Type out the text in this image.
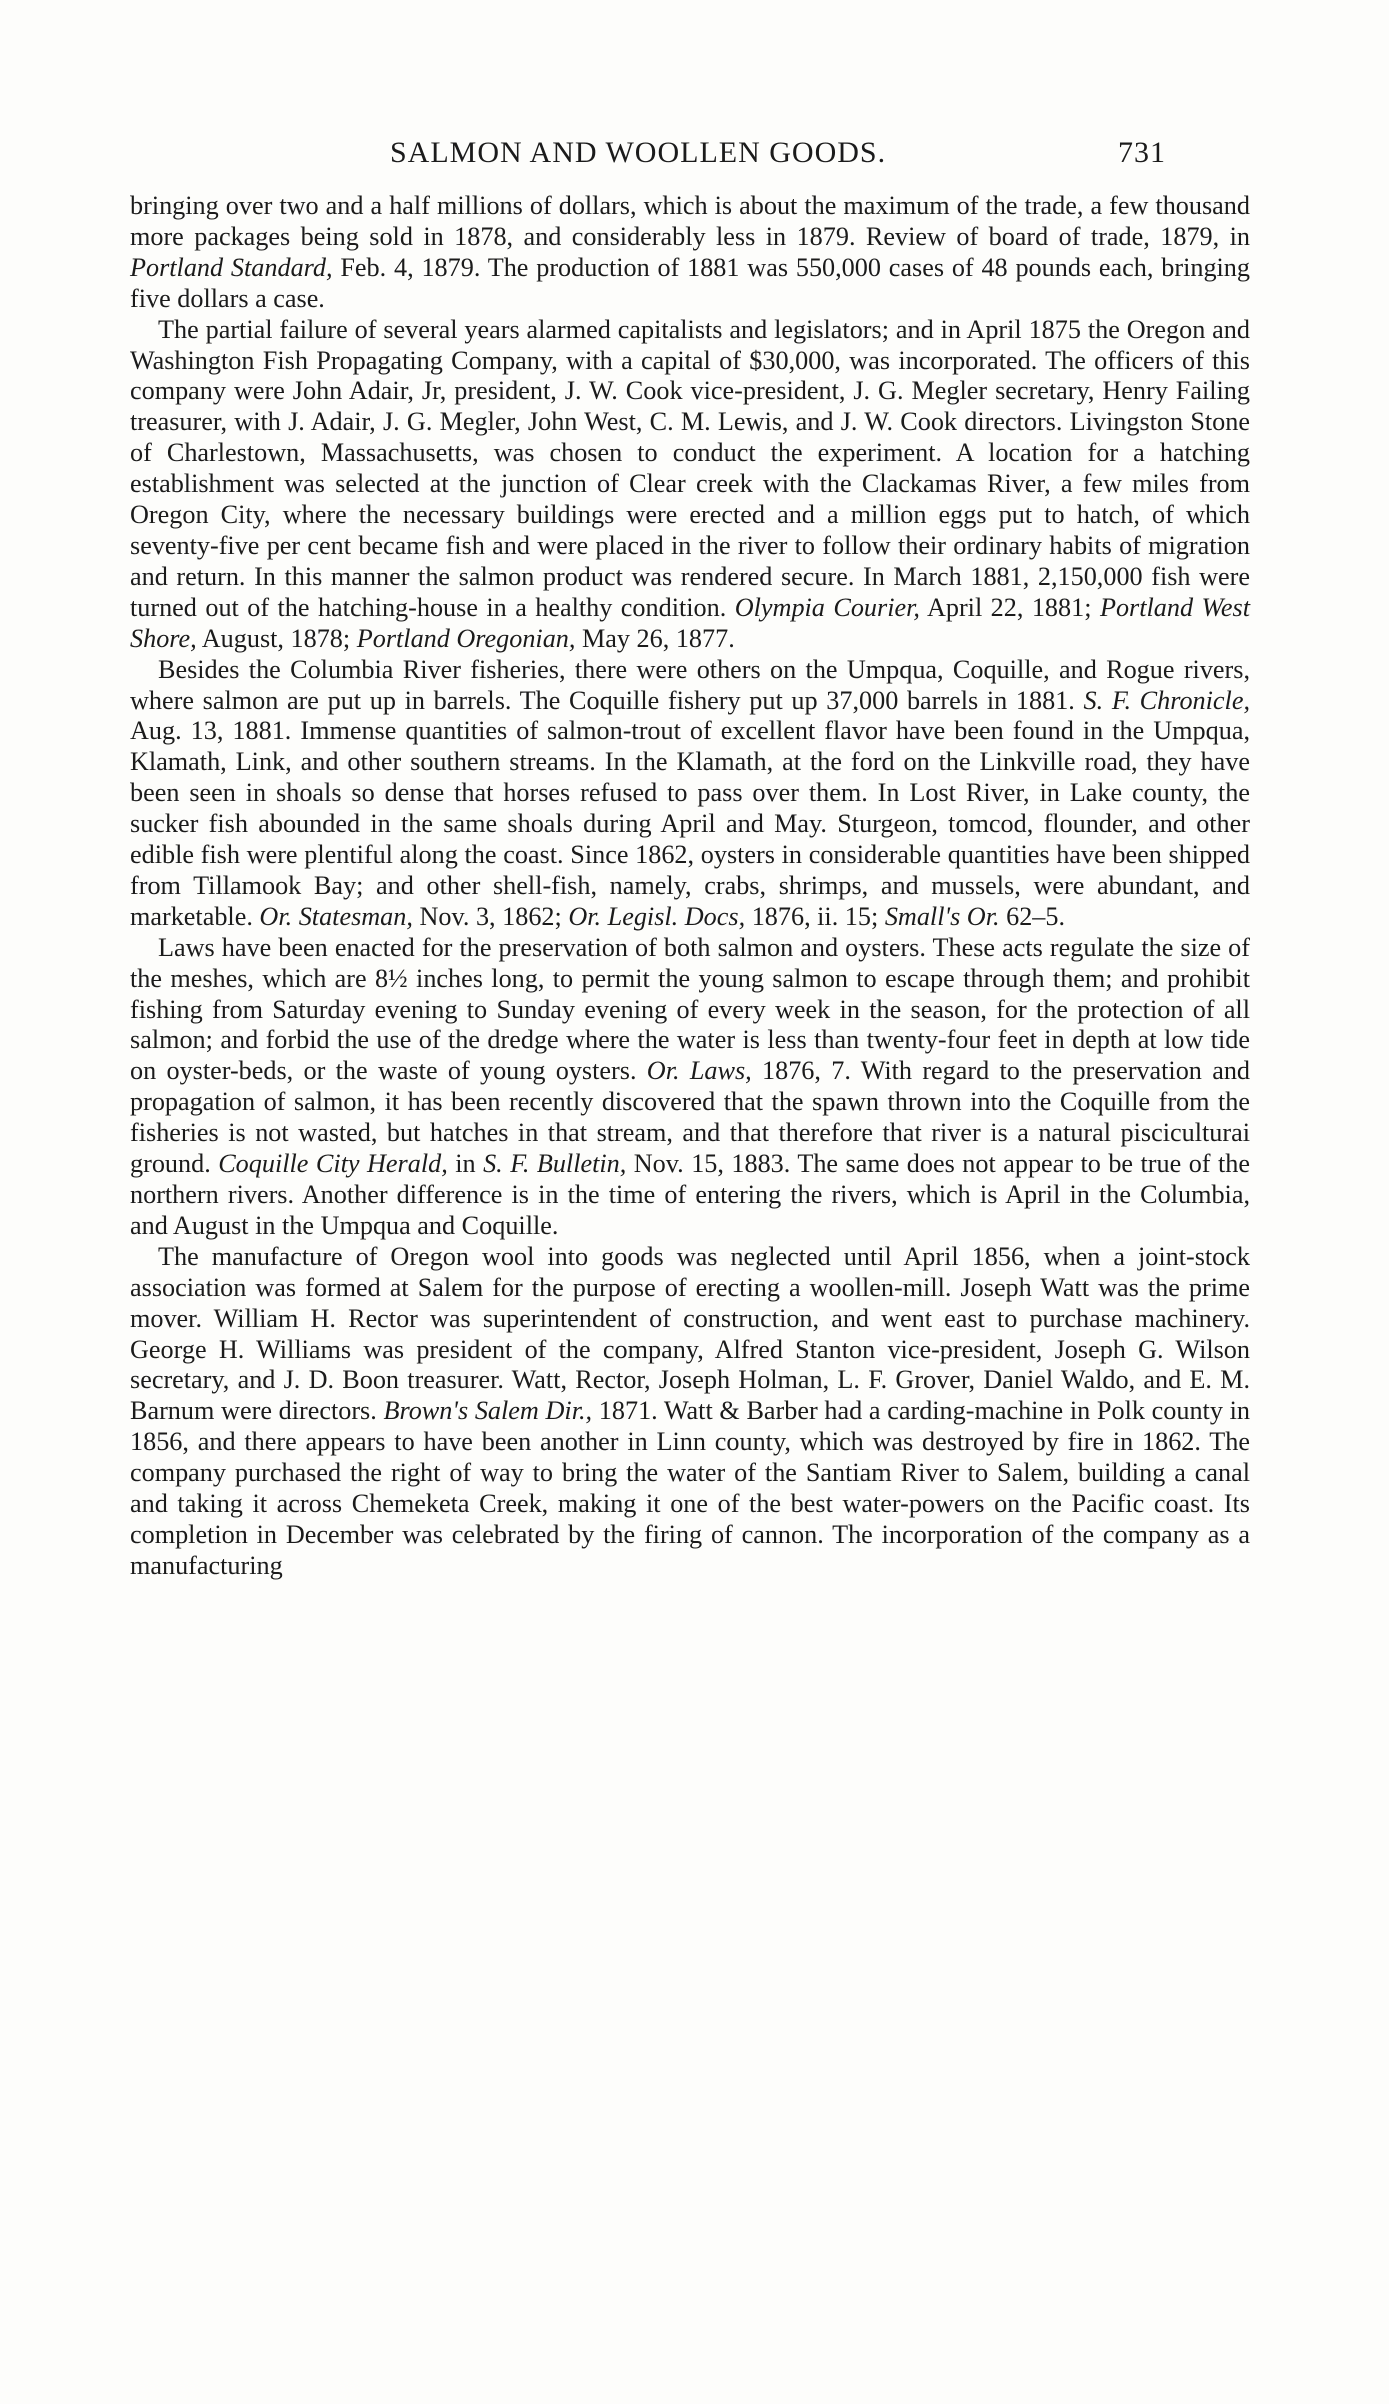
SALMON AND WOOLLEN GOODS.	731

bringing over two and a half millions of dollars, which is about the maximum of the trade, a few thousand more packages being sold in 1878, and considerably less in 1879. Review of board of trade, 1879, in Portland Standard, Feb. 4, 1879. The production of 1881 was 550,000 cases of 48 pounds each, bringing five dollars a case.

The partial failure of several years alarmed capitalists and legislators; and in April 1875 the Oregon and Washington Fish Propagating Company, with a capital of $30,000, was incorporated. The officers of this company were John Adair, Jr, president, J. W. Cook vice-president, J. G. Megler secretary, Henry Failing treasurer, with J. Adair, J. G. Megler, John West, C. M. Lewis, and J. W. Cook directors. Livingston Stone of Charlestown, Massachusetts, was chosen to conduct the experiment. A location for a hatching establishment was selected at the junction of Clear creek with the Clackamas River, a few miles from Oregon City, where the necessary buildings were erected and a million eggs put to hatch, of which seventy-five per cent became fish and were placed in the river to follow their ordinary habits of migration and return. In this manner the salmon product was rendered secure. In March 1881, 2,150,000 fish were turned out of the hatching-house in a healthy condition. Olympia Courier, April 22, 1881; Portland West Shore, August, 1878; Portland Oregonian, May 26, 1877.

Besides the Columbia River fisheries, there were others on the Umpqua, Coquille, and Rogue rivers, where salmon are put up in barrels. The Coquille fishery put up 37,000 barrels in 1881. S. F. Chronicle, Aug. 13, 1881. Immense quantities of salmon-trout of excellent flavor have been found in the Umpqua, Klamath, Link, and other southern streams. In the Klamath, at the ford on the Linkville road, they have been seen in shoals so dense that horses refused to pass over them. In Lost River, in Lake county, the sucker fish abounded in the same shoals during April and May. Sturgeon, tomcod, flounder, and other edible fish were plentiful along the coast. Since 1862, oysters in considerable quantities have been shipped from Tillamook Bay; and other shell-fish, namely, crabs, shrimps, and mussels, were abundant, and marketable. Or. Statesman, Nov. 3, 1862; Or. Legisl. Docs, 1876, ii. 15; Small's Or. 62–5.

Laws have been enacted for the preservation of both salmon and oysters. These acts regulate the size of the meshes, which are 8½ inches long, to permit the young salmon to escape through them; and prohibit fishing from Saturday evening to Sunday evening of every week in the season, for the protection of all salmon; and forbid the use of the dredge where the water is less than twenty-four feet in depth at low tide on oyster-beds, or the waste of young oysters. Or. Laws, 1876, 7. With regard to the preservation and propagation of salmon, it has been recently discovered that the spawn thrown into the Coquille from the fisheries is not wasted, but hatches in that stream, and that therefore that river is a natural pisciculturai ground. Coquille City Herald, in S. F. Bulletin, Nov. 15, 1883. The same does not appear to be true of the northern rivers. Another difference is in the time of entering the rivers, which is April in the Columbia, and August in the Umpqua and Coquille.

The manufacture of Oregon wool into goods was neglected until April 1856, when a joint-stock association was formed at Salem for the purpose of erecting a woollen-mill. Joseph Watt was the prime mover. William H. Rector was superintendent of construction, and went east to purchase machinery. George H. Williams was president of the company, Alfred Stanton vice-president, Joseph G. Wilson secretary, and J. D. Boon treasurer. Watt, Rector, Joseph Holman, L. F. Grover, Daniel Waldo, and E. M. Barnum were directors. Brown's Salem Dir., 1871. Watt & Barber had a carding-machine in Polk county in 1856, and there appears to have been another in Linn county, which was destroyed by fire in 1862. The company purchased the right of way to bring the water of the Santiam River to Salem, building a canal and taking it across Chemeketa Creek, making it one of the best water-powers on the Pacific coast. Its completion in December was celebrated by the firing of cannon. The incorporation of the company as a manufacturing
